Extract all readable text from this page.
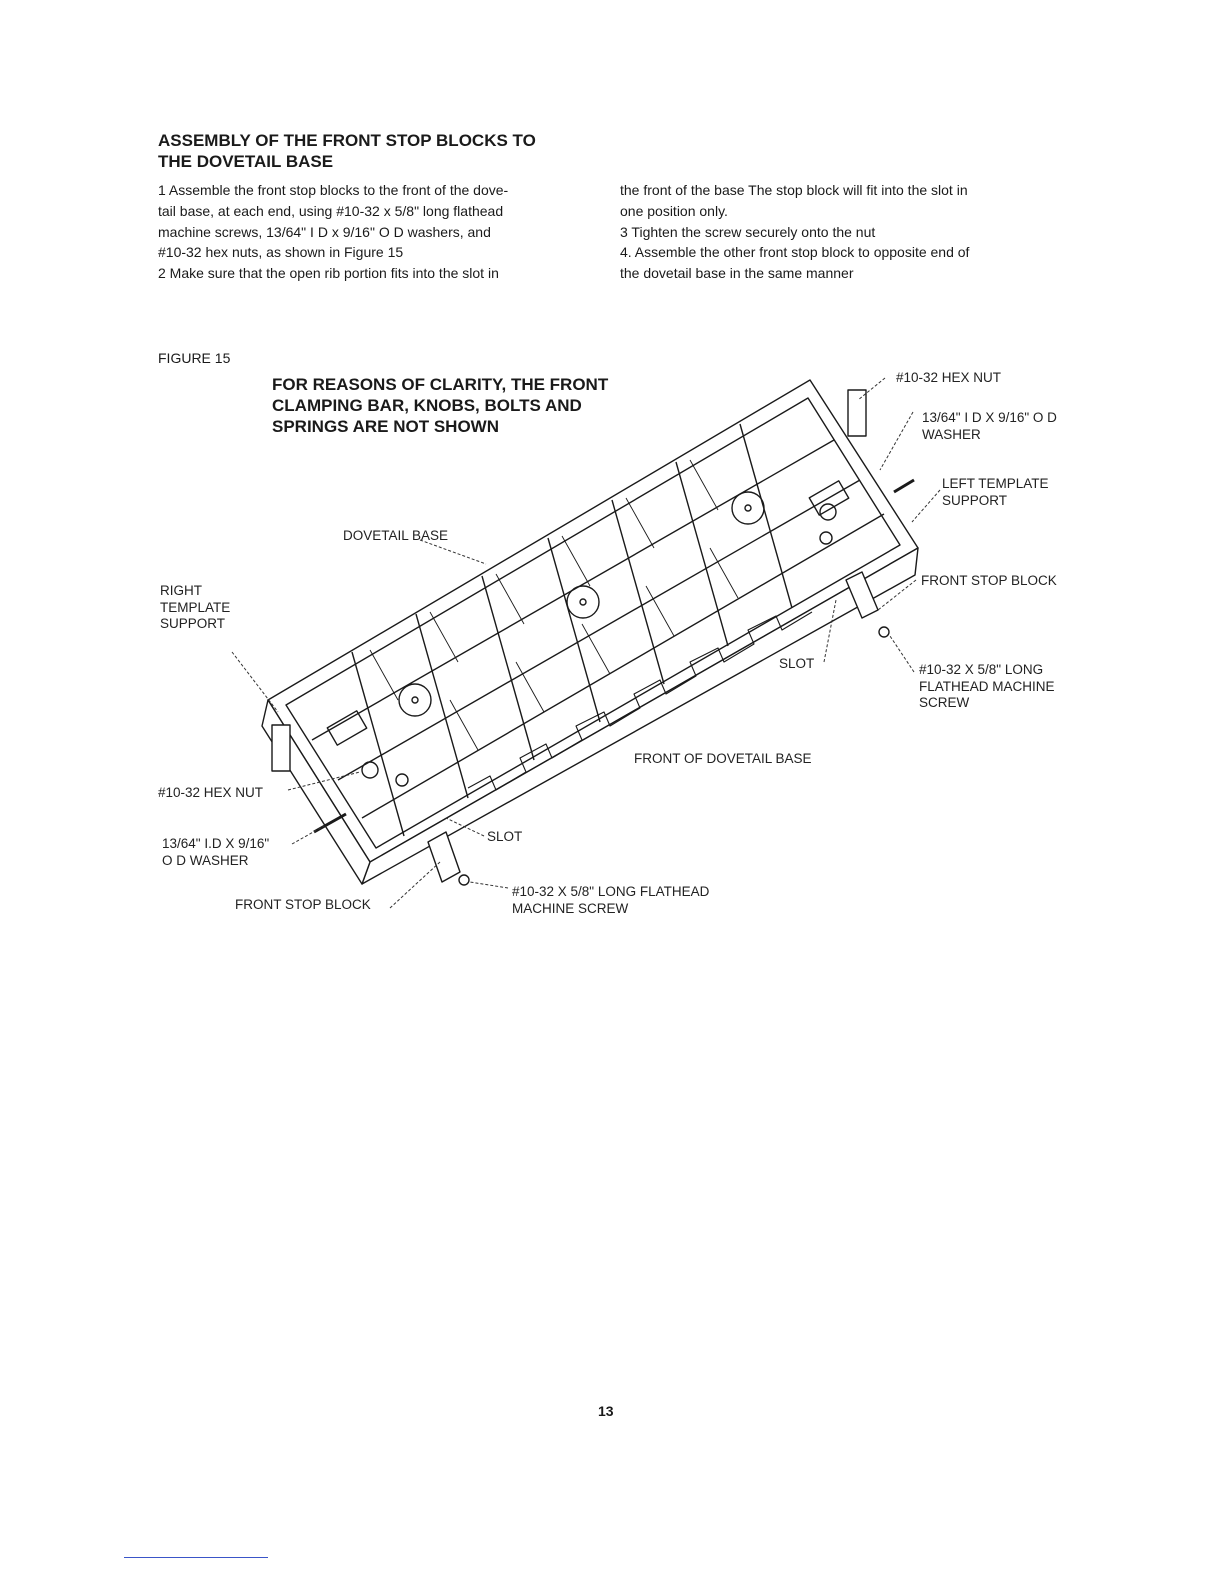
ASSEMBLY OF THE FRONT STOP BLOCKS TO
THE DOVETAIL BASE

1 Assemble the front stop blocks to the front of the dove-

tail base, at each end, using #10-32 x 5/8" long flathead

machine screws, 13/64" I D x 9/16" O D washers, and

#10-32 hex nuts, as shown in Figure 15

2 Make sure that the open rib portion fits into the slot in

the front of the base The stop block will fit into the slot in

one position only.

3 Tighten the screw securely onto the nut

4. Assemble the other front stop block to opposite end of

the dovetail base in the same manner

FIGURE 15
FOR REASONS OF CLARITY, THE FRONT
CLAMPING BAR, KNOBS, BOLTS AND
SPRINGS ARE NOT SHOWN
#10-32 HEX NUT
13/64" I D X 9/16" O D
WASHER
LEFT TEMPLATE
SUPPORT
DOVETAIL BASE
RIGHT
TEMPLATE
SUPPORT
FRONT STOP BLOCK
SLOT	#10-32 X 5/8" LONG
FLATHEAD MACHINE
SCREW
FRONT OF DOVETAIL BASE
#10-32 HEX NUT
13/64" I.D X 9/16"
O D WASHER
SLOT
FRONT STOP BLOCK
#10-32 X 5/8" LONG FLATHEAD
MACHINE SCREW
13
